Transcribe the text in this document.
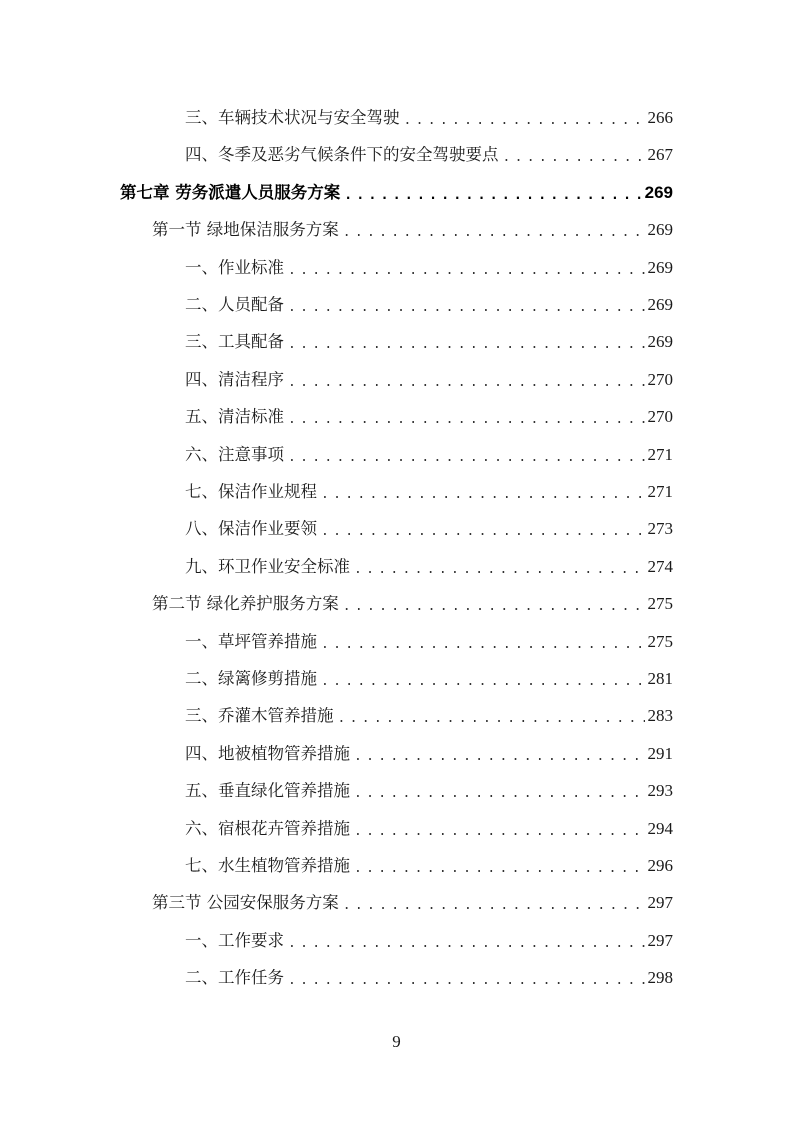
三、车辆技术状况与安全驾驶 .....	266
四、冬季及恶劣气候条件下的安全驾驶要点 .....	267
第七章 劳务派遣人员服务方案 .....	269
第一节 绿地保洁服务方案 .....	269
一、作业标准 .....	269
二、人员配备 .....	269
三、工具配备 .....	269
四、清洁程序 .....	270
五、清洁标准 .....	270
六、注意事项 .....	271
七、保洁作业规程 .....	271
八、保洁作业要领 .....	273
九、环卫作业安全标准 .....	274
第二节 绿化养护服务方案 .....	275
一、草坪管养措施 .....	275
二、绿篱修剪措施 .....	281
三、乔灌木管养措施 .....	283
四、地被植物管养措施 .....	291
五、垂直绿化管养措施 .....	293
六、宿根花卉管养措施 .....	294
七、水生植物管养措施 .....	296
第三节 公园安保服务方案 .....	297
一、工作要求 .....	297
二、工作任务 .....	298
9
